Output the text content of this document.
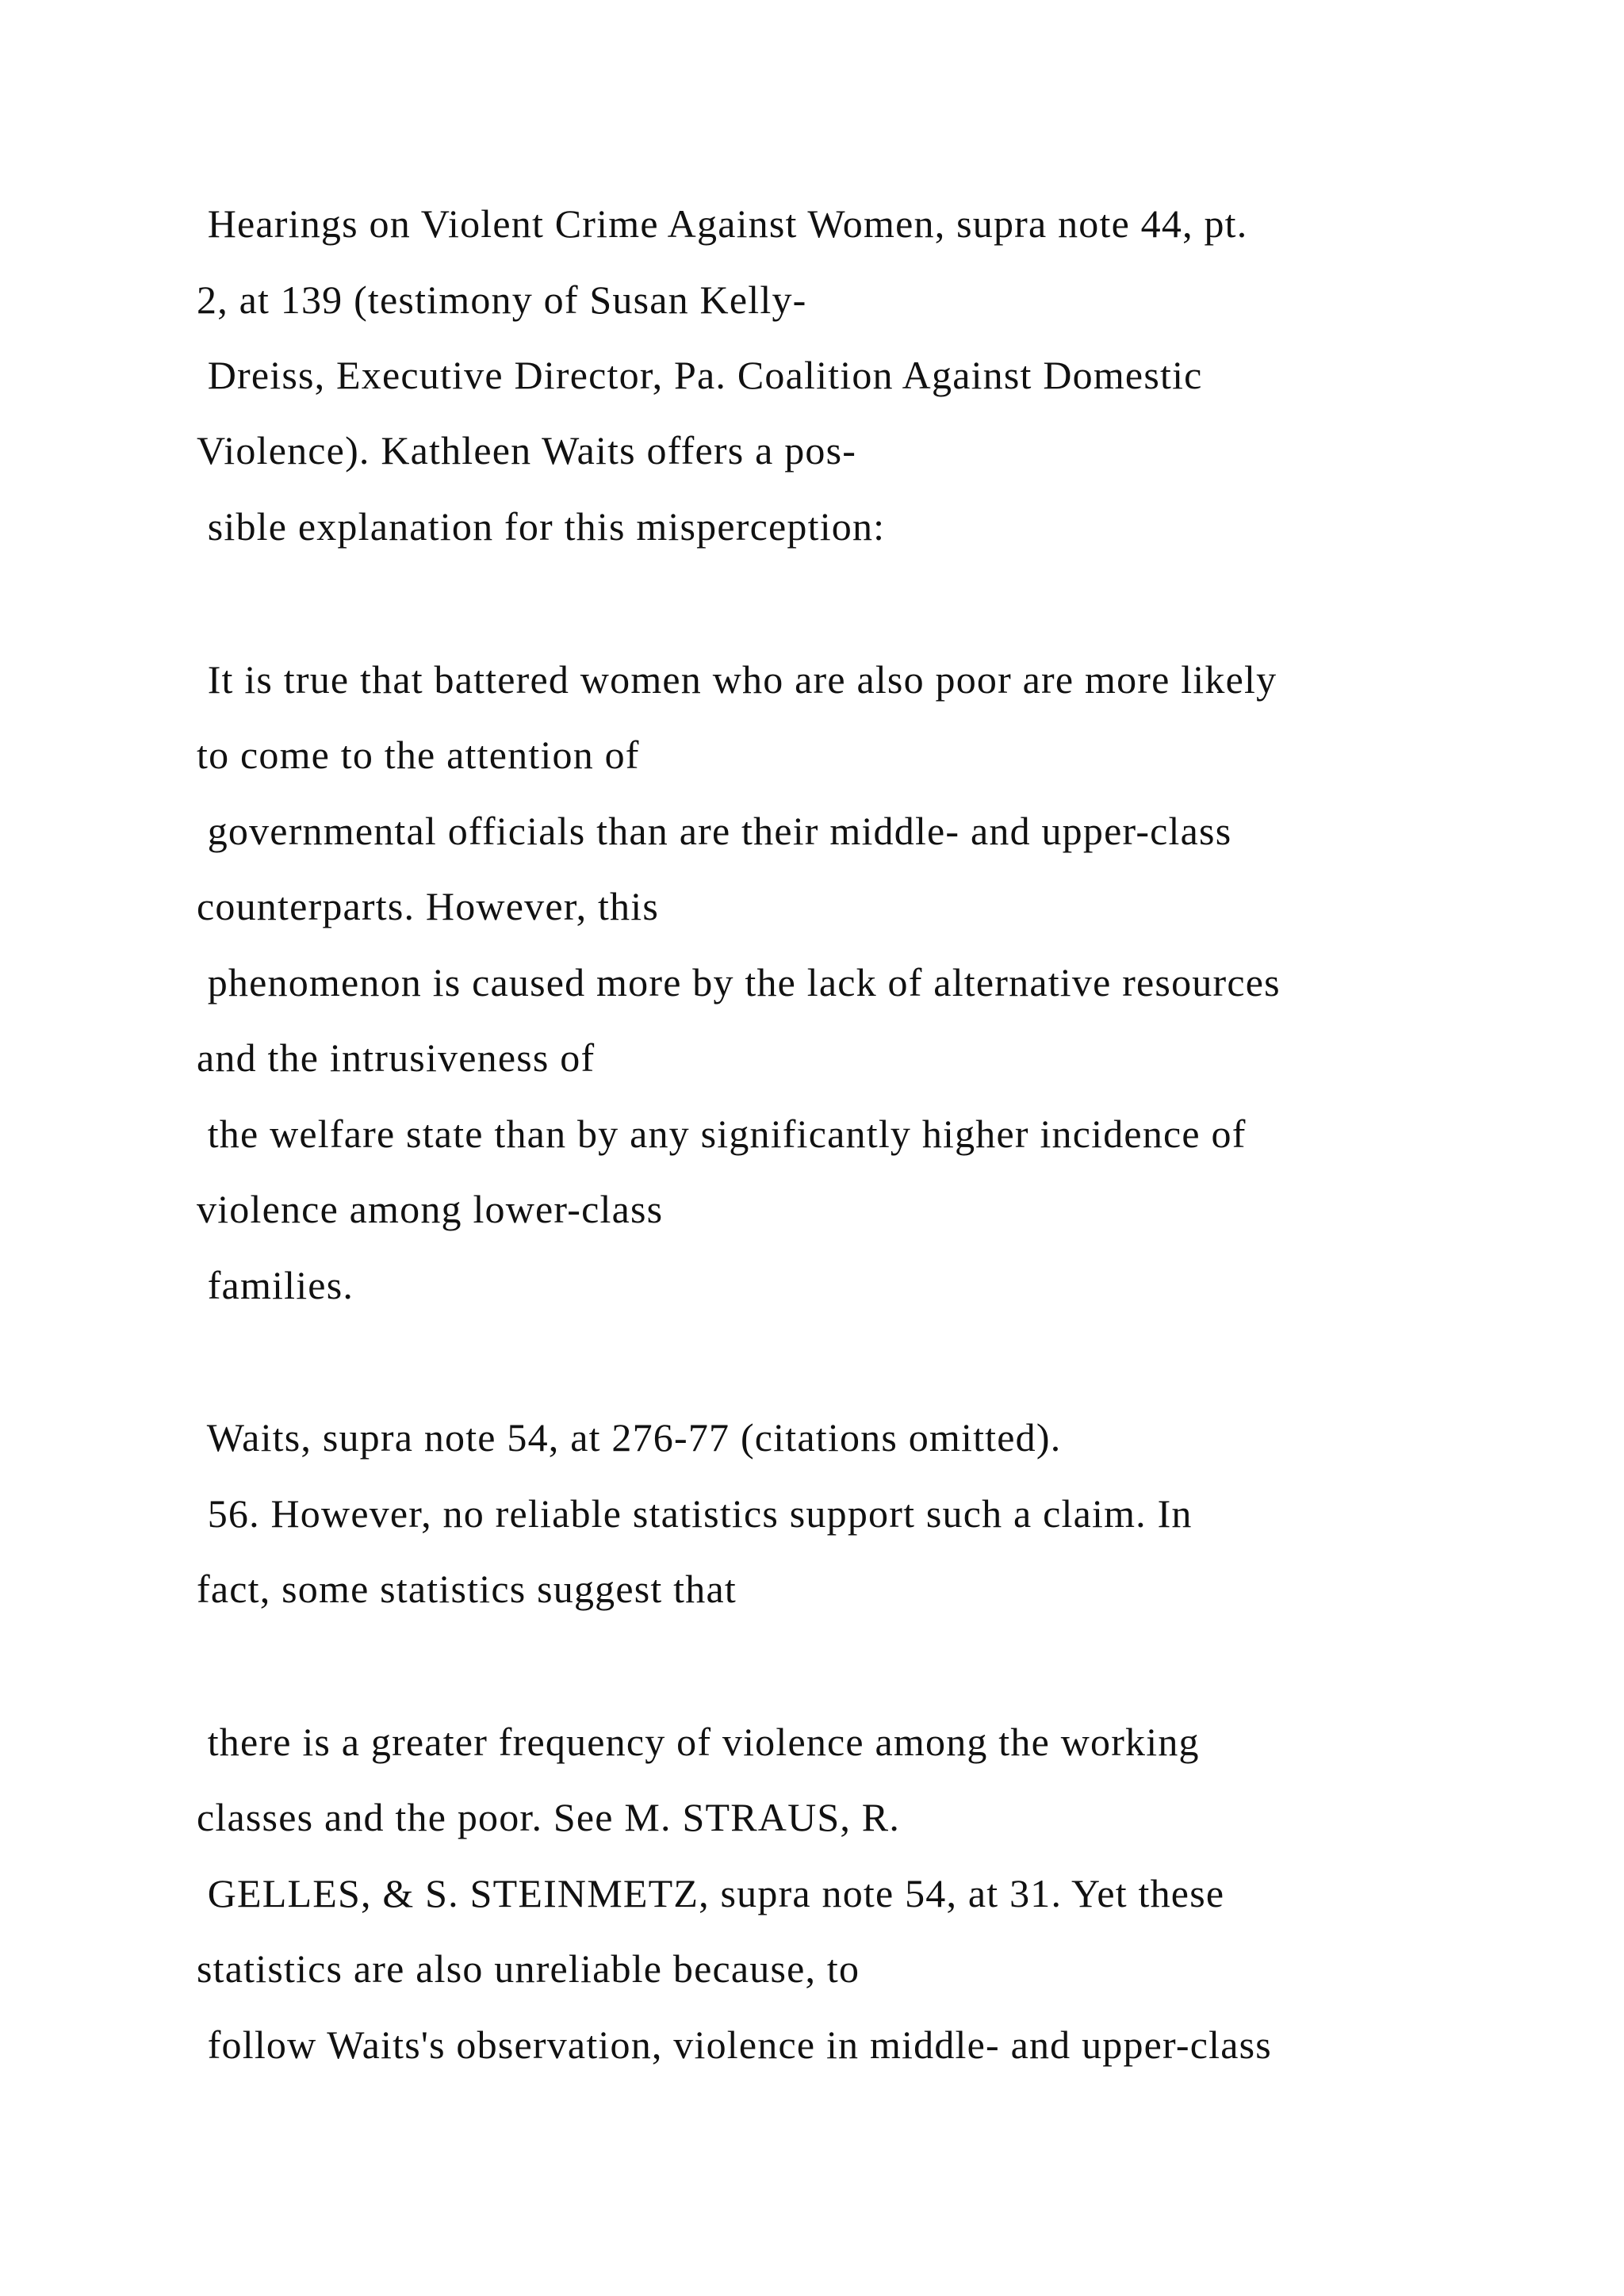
Hearings on Violent Crime Against Women, supra note 44, pt.

2, at 139 (testimony of Susan Kelly-

Dreiss, Executive Director, Pa. Coalition Against Domestic

Violence). Kathleen Waits offers a pos-

sible explanation for this misperception:

It is true that battered women who are also poor are more likely

to come to the attention of

governmental officials than are their middle- and upper-class

counterparts. However, this

phenomenon is caused more by the lack of alternative resources

and the intrusiveness of

the welfare state than by any significantly higher incidence of

violence among lower-class

families.

Waits, supra note 54, at 276-77 (citations omitted).

56. However, no reliable statistics support such a claim. In

fact, some statistics suggest that

there is a greater frequency of violence among the working

classes and the poor. See M. STRAUS, R.

GELLES, & S. STEINMETZ, supra note 54, at 31. Yet these

statistics are also unreliable because, to

follow Waits's observation, violence in middle- and upper-class
